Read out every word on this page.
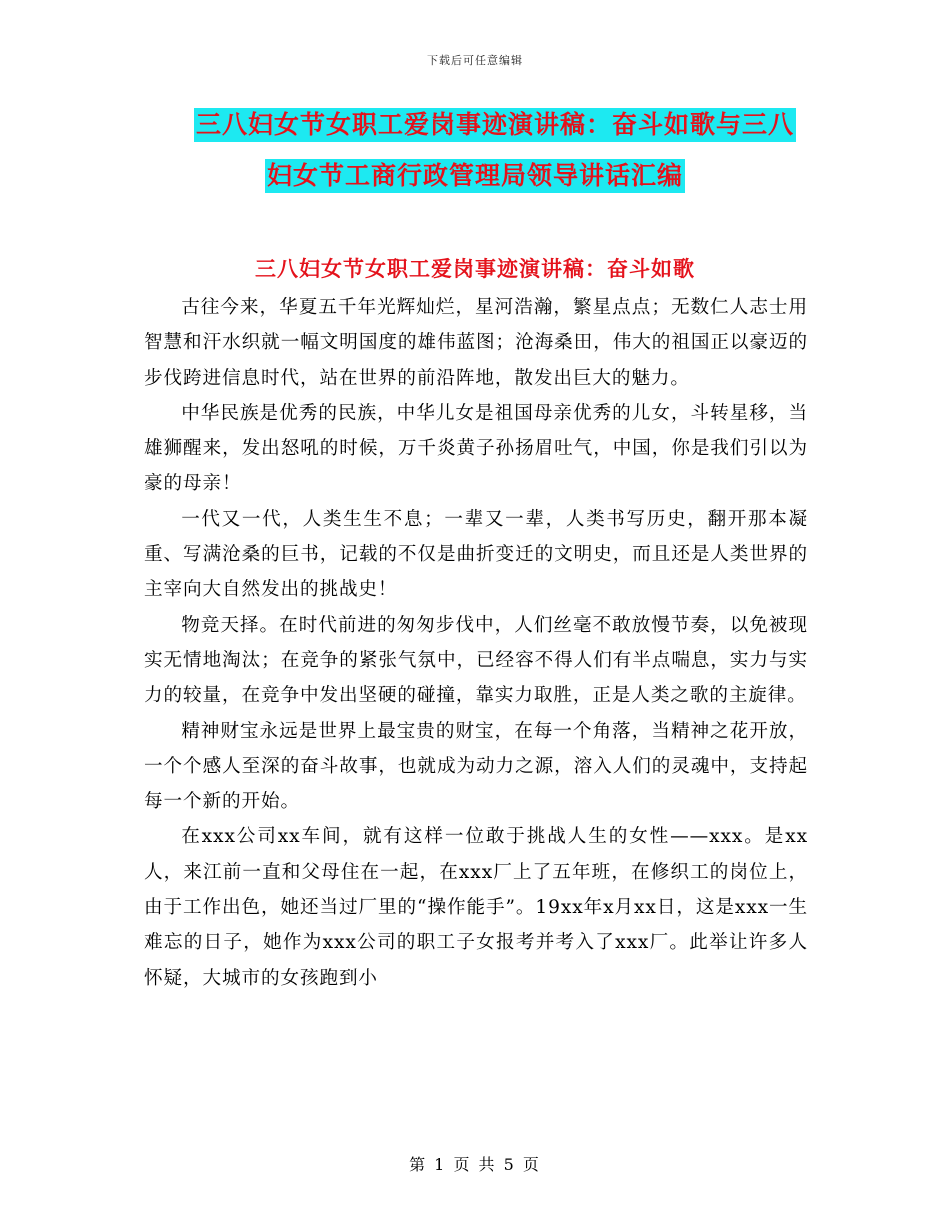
下载后可任意编辑
三八妇女节女职工爱岗事迹演讲稿：奋斗如歌与三八
妇女节工商行政管理局领导讲话汇编
三八妇女节女职工爱岗事迹演讲稿：奋斗如歌

古往今来，华夏五千年光辉灿烂，星河浩瀚，繁星点点；无数仁人志士用智慧和汗水织就一幅文明国度的雄伟蓝图；沧海桑田，伟大的祖国正以豪迈的步伐跨进信息时代，站在世界的前沿阵地，散发出巨大的魅力。

中华民族是优秀的民族，中华儿女是祖国母亲优秀的儿女，斗转星移，当雄狮醒来，发出怒吼的时候，万千炎黄子孙扬眉吐气，中国，你是我们引以为豪的母亲！

一代又一代，人类生生不息；一辈又一辈，人类书写历史，翻开那本凝重、写满沧桑的巨书，记载的不仅是曲折变迁的文明史，而且还是人类世界的主宰向大自然发出的挑战史！

物竞天择。在时代前进的匆匆步伐中，人们丝毫不敢放慢节奏，以免被现实无情地淘汰；在竞争的紧张气氛中，已经容不得人们有半点喘息，实力与实力的较量，在竞争中发出坚硬的碰撞，靠实力取胜，正是人类之歌的主旋律。

精神财宝永远是世界上最宝贵的财宝，在每一个角落，当精神之花开放，一个个感人至深的奋斗故事，也就成为动力之源，溶入人们的灵魂中，支持起每一个新的开始。

在xxx公司xx车间，就有这样一位敢于挑战人生的女性——xxx。是xx人，来江前一直和父母住在一起，在xxx厂上了五年班，在修织工的岗位上，由于工作出色，她还当过厂里的“操作能手”。19xx年x月xx日，这是xxx一生难忘的日子，她作为xxx公司的职工子女报考并考入了xxx厂。此举让许多人怀疑，大城市的女孩跑到小

第 1 页 共 5 页
